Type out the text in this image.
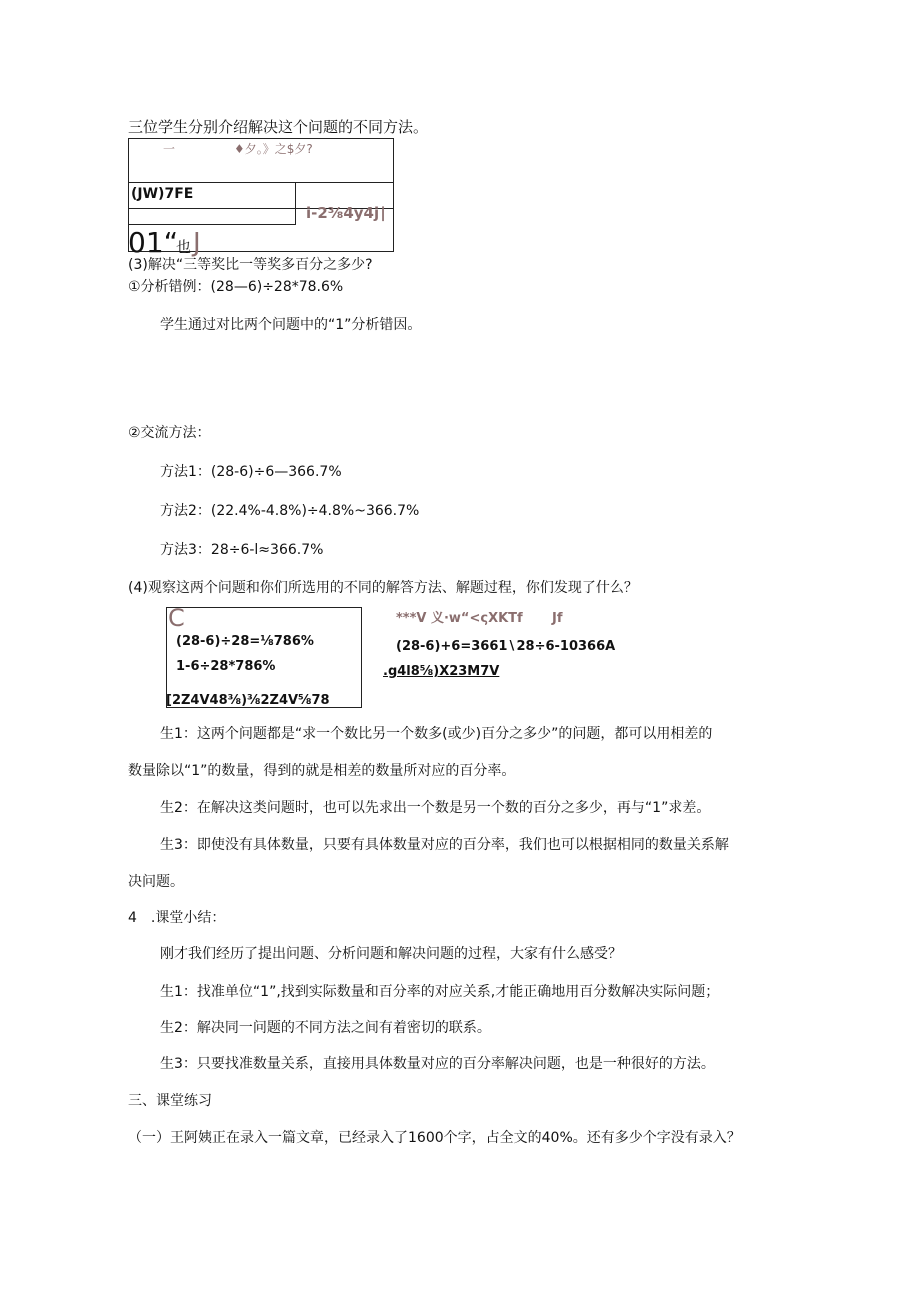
三位学生分别介绍解决这个问题的不同方法。
一	♦夕。》之$夕?
(JW)7FE
i-2⅜4y4j∣
01“
也 J
(3)解决“三等奖比一等奖多百分之多少?
①分析错例：(28—6)÷28*78.6%
学生通过对比两个问题中的“1”分析错因。
②交流方法：
方法1：(28-6)÷6—366.7%
方法2：(22.4%-4.8%)÷4.8%~366.7%
方法3：28÷6-l≈366.7%
(4)观察这两个问题和你们所选用的不同的解答方法、解题过程，你们发现了什么？
C
(28-6)÷28=⅛786%
1-6÷28*786%
[2Z4V48⅜)⅜2Z4V⅝78
***V 义·w“<ςXKTf Jf
(28-6)+6=3661∖28÷6-10366A
.g4l8⅝)X23M7V
生1：这两个问题都是“求一个数比另一个数多(或少)百分之多少”的问题，都可以用相差的
数量除以“1”的数量，得到的就是相差的数量所对应的百分率。
生2：在解决这类问题时，也可以先求出一个数是另一个数的百分之多少，再与“1”求差。
生3：即使没有具体数量，只要有具体数量对应的百分率，我们也可以根据相同的数量关系解
决问题。
4　.课堂小结：
刚才我们经历了提出问题、分析问题和解决问题的过程，大家有什么感受？
生1：找准单位“1”,找到实际数量和百分率的对应关系,才能正确地用百分数解决实际问题；
生2：解决同一问题的不同方法之间有着密切的联系。
生3：只要找准数量关系，直接用具体数量对应的百分率解决问题，也是一种很好的方法。
三、课堂练习
（一）王阿姨正在录入一篇文章，已经录入了1600个字，占全文的40%。还有多少个字没有录入？
